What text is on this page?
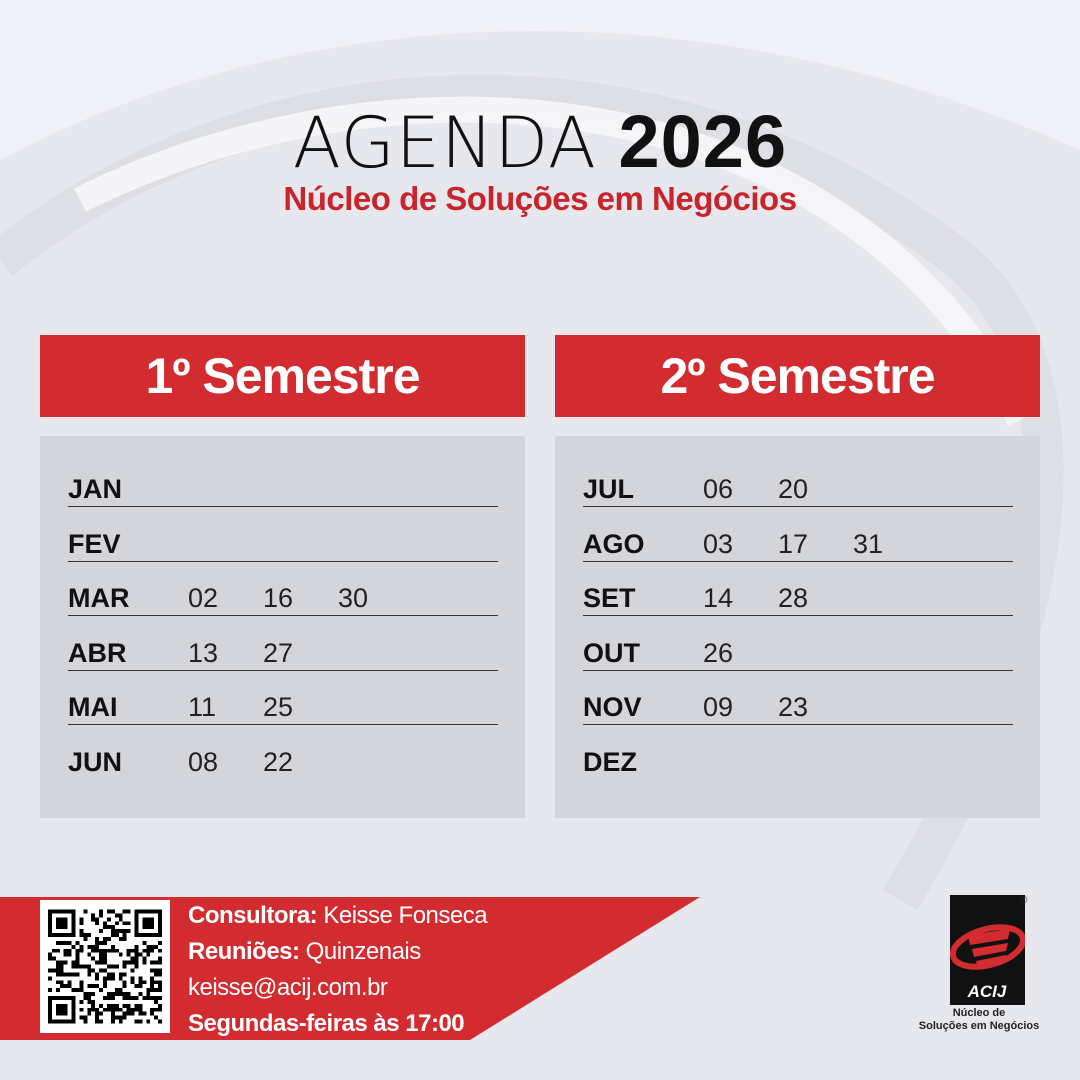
AGENDA 2026
Núcleo de Soluções em Negócios
1º Semestre
JAN
FEV
MAR 02 16 30
ABR 13 27
MAI	11 25
JUN 08 22
2º Semestre
JUL	06 20
AGO 03 17 31
SET 14 28
OUT 26
NOV 09 23
DEZ
Consultora: Keisse Fonseca
Reuniões: Quinzenais
keisse@acij.com.br
Segundas-feiras às 17:00
ACIJ
®
Núcleo de
Soluções em Negócios
